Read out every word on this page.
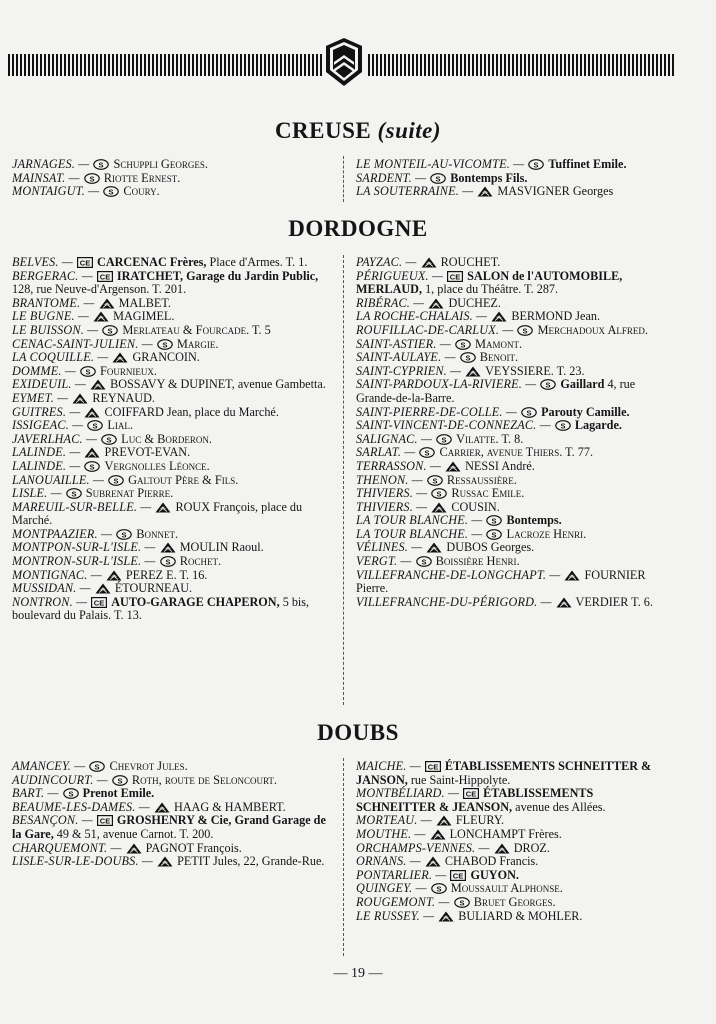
CREUSE (suite)
JARNAGES. — S Schuppli Georges.
MAINSAT. — S Riotte Ernest.
MONTAIGUT. — S Coury.
LE MONTEIL-AU-VICOMTE. — S Tuffinet Emile.
SARDENT. — S Bontemps Fils.
LA SOUTERRAINE. — MASVIGNER Georges
DORDOGNE
BELVES. — CE CARCENAC Frères, Place d'Armes. T. 1.
BERGERAC. — CE IRATCHET, Garage du Jardin Public, 128, rue Neuve-d'Argenson. T. 201.
BRANTOME. — MALBET.
LE BUGNE. — MAGIMEL.
LE BUISSON. — S Merlateau & Fourcade. T. 5
CENAC-SAINT-JULIEN. — S Margie.
LA COQUILLE. — GRANCOIN.
DOMME. — S Fournieux.
EXIDEUIL. — BOSSAVY & DUPINET, avenue Gambetta.
EYMET. — REYNAUD.
GUITRES. — COIFFARD Jean, place du Marché.
ISSIGEAC. — S Lial.
JAVERLHAC. — S Luc & Borderon.
LALINDE. — PREVOT-EVAN.
LALINDE. — S Vergnolles Léonce.
LANOUAILLE. — S Galtout Père & Fils.
LISLE. — S Subrenat Pierre.
MAREUIL-SUR-BELLE. — ROUX François, place du Marché.
MONTPAAZIER. — S Bonnet.
MONTPON-SUR-L'ISLE. — MOULIN Raoul.
MONTRON-SUR-L'ISLE. — S Rochet.
MONTIGNAC. — PEREZ E. T. 16.
MUSSIDAN. — ÉTOURNEAU.
NONTRON. — CE AUTO-GARAGE CHAPERON, 5 bis, boulevard du Palais. T. 13.
PAYZAC. — ROUCHET.
PÉRIGUEUX. — CE SALON de l'AUTOMOBILE, MERLAUD, 1, place du Théâtre. T. 287.
RIBÉRAC. — DUCHEZ.
LA ROCHE-CHALAIS. — BERMOND Jean.
ROUFILLAC-DE-CARLUX. — S Merchadoux Alfred.
SAINT-ASTIER. — S Mamont.
SAINT-AULAYE. — S Benoit.
SAINT-CYPRIEN. — VEYSSIERE. T. 23.
SAINT-PARDOUX-LA-RIVIERE. — S Gaillard 4, rue Grande-de-la-Barre.
SAINT-PIERRE-DE-COLLE. — S Parouty Camille.
SAINT-VINCENT-DE-CONNEZAC. — S Lagarde.
SALIGNAC. — S Vilatte. T. 8.
SARLAT. — S Carrier, avenue Thiers. T. 77.
TERRASSON. — NESSI André.
THENON. — S Ressaussière.
THIVIERS. — S Russac Emile.
THIVIERS. — COUSIN.
LA TOUR BLANCHE. — S Bontemps.
LA TOUR BLANCHE. — S Lacroze Henri.
VÉLINES. — DUBOS Georges.
VERGT. — S Boissière Henri.
VILLEFRANCHE-DE-LONGCHAPT. — FOURNIER Pierre.
VILLEFRANCHE-DU-PÉRIGORD. — VERDIER T. 6.
DOUBS
AMANCEY. — S Chevrot Jules.
AUDINCOURT. — S Roth, route de Seloncourt.
BART. — S Prenot Emile.
BEAUME-LES-DAMES. — HAAG & HAMBERT.
BESANÇON. — CE GROSHENRY & Cie, Grand Garage de la Gare, 49 & 51, avenue Carnot. T. 200.
CHARQUEMONT. — PAGNOT François.
LISLE-SUR-LE-DOUBS. — PETIT Jules, 22, Grande-Rue.
MAICHE. — CE ÉTABLISSEMENTS SCHNEITTER & JANSON, rue Saint-Hippolyte.
MONTBÉLIARD. — CE ÉTABLISSEMENTS SCHNEITTER & JEANSON, avenue des Allées.
MORTEAU. — FLEURY.
MOUTHE. — LONCHAMPT Frères.
ORCHAMPS-VENNES. — DROZ.
ORNANS. — CHABOD Francis.
PONTARLIER. — CE GUYON.
QUINGEY. — S Moussault Alphonse.
ROUGEMONT. — S Bruet Georges.
LE RUSSEY. — BULIARD & MOHLER.
— 19 —
